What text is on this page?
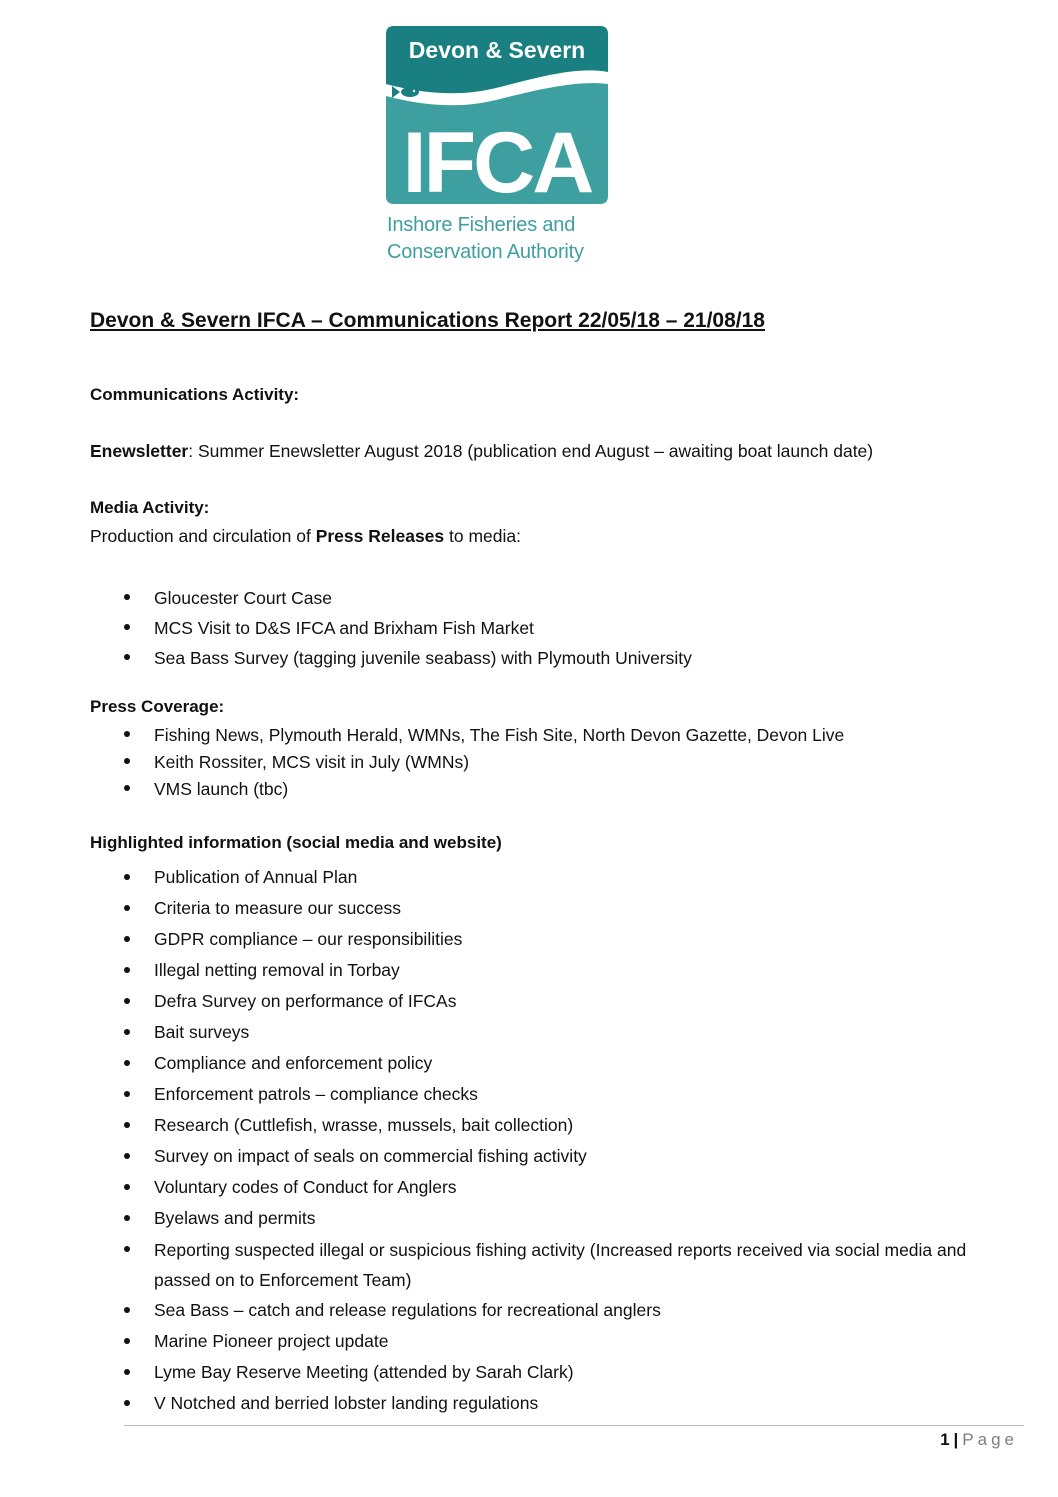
Devon & Severn
IFCA
Inshore Fisheries and
Conservation Authority
Devon & Severn IFCA – Communications Report 22/05/18 – 21/08/18
Communications Activity:
Enewsletter: Summer Enewsletter August 2018 (publication end August – awaiting boat launch date)
Media Activity:
Production and circulation of Press Releases to media:
Gloucester Court Case
MCS Visit to D&S IFCA and Brixham Fish Market
Sea Bass Survey (tagging juvenile seabass) with Plymouth University
Press Coverage:
Fishing News, Plymouth Herald, WMNs, The Fish Site, North Devon Gazette, Devon Live
Keith Rossiter, MCS visit in July (WMNs)
VMS launch (tbc)
Highlighted information (social media and website)
Publication of Annual Plan
Criteria to measure our success
GDPR compliance – our responsibilities
Illegal netting removal in Torbay
Defra Survey on performance of IFCAs
Bait surveys
Compliance and enforcement policy
Enforcement patrols – compliance checks
Research (Cuttlefish, wrasse, mussels, bait collection)
Survey on impact of seals on commercial fishing activity
Voluntary codes of Conduct for Anglers
Byelaws and permits
Reporting suspected illegal or suspicious fishing activity (Increased reports received via social media and passed on to Enforcement Team)
Sea Bass – catch and release regulations for recreational anglers
Marine Pioneer project update
Lyme Bay Reserve Meeting (attended by Sarah Clark)
V Notched and berried lobster landing regulations
1 | Page
